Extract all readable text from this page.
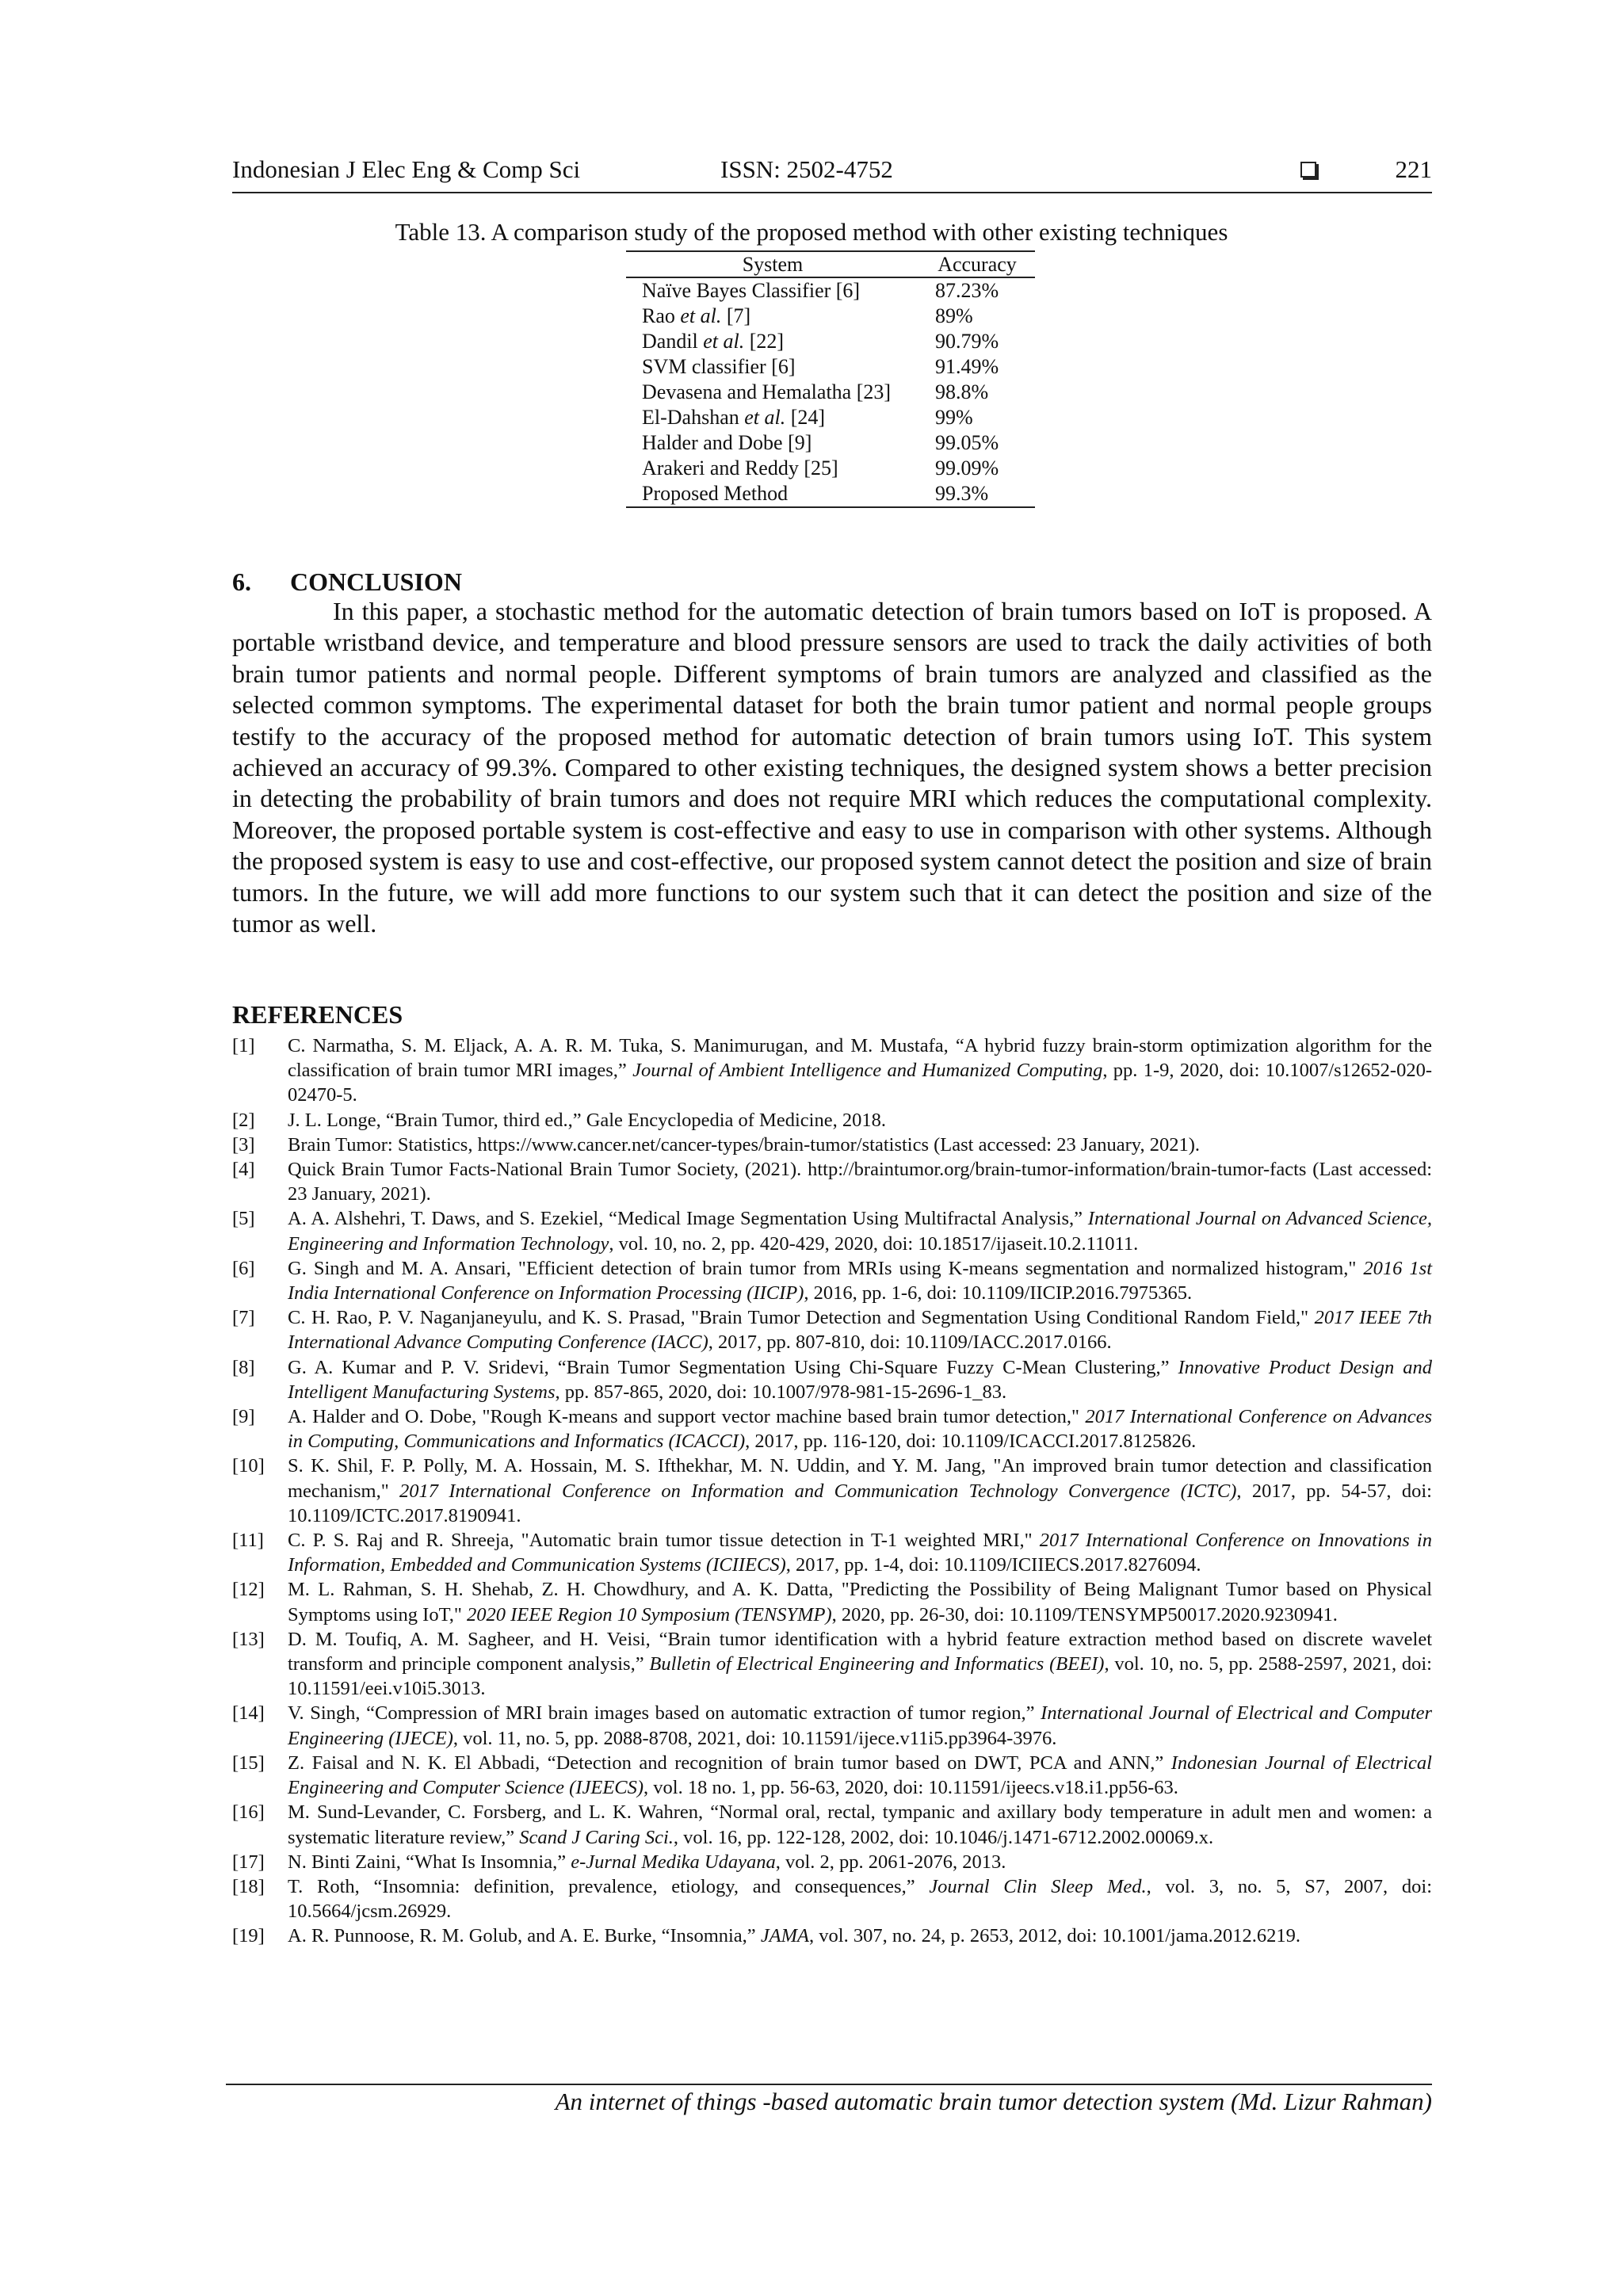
Indonesian J Elec Eng & Comp Sci	ISSN: 2502-4752	221
Table 13. A comparison study of the proposed method with other existing techniques
System	Accuracy
Naïve Bayes Classifier [6]	87.23%
Rao et al. [7]	89%
Dandil et al. [22]	90.79%
SVM classifier [6]	91.49%
Devasena and Hemalatha [23]	98.8%
El-Dahshan et al. [24]	99%
Halder and Dobe [9]	99.05%
Arakeri and Reddy [25]	99.09%
Proposed Method	99.3%
6. CONCLUSION

In this paper, a stochastic method for the automatic detection of brain tumors based on IoT is proposed. A portable wristband device, and temperature and blood pressure sensors are used to track the daily activities of both brain tumor patients and normal people. Different symptoms of brain tumors are analyzed and classified as the selected common symptoms. The experimental dataset for both the brain tumor patient and normal people groups testify to the accuracy of the proposed method for automatic detection of brain tumors using IoT. This system achieved an accuracy of 99.3%. Compared to other existing techniques, the designed system shows a better precision in detecting the probability of brain tumors and does not require MRI which reduces the computational complexity. Moreover, the proposed portable system is cost-effective and easy to use in comparison with other systems. Although the proposed system is easy to use and cost-effective, our proposed system cannot detect the position and size of brain tumors. In the future, we will add more functions to our system such that it can detect the position and size of the tumor as well.

REFERENCES
[1] C. Narmatha, S. M. Eljack, A. A. R. M. Tuka, S. Manimurugan, and M. Mustafa, “A hybrid fuzzy brain-storm optimization algorithm for the classification of brain tumor MRI images,” Journal of Ambient Intelligence and Humanized Computing, pp. 1-9, 2020, doi: 10.1007/s12652-020-02470-5.
[2] J. L. Longe, “Brain Tumor, third ed.,” Gale Encyclopedia of Medicine, 2018.
[3] Brain Tumor: Statistics, https://www.cancer.net/cancer-types/brain-tumor/statistics (Last accessed: 23 January, 2021).
[4] Quick Brain Tumor Facts-National Brain Tumor Society, (2021). http://braintumor.org/brain-tumor-information/brain-tumor-facts (Last accessed: 23 January, 2021).
[5] A. A. Alshehri, T. Daws, and S. Ezekiel, “Medical Image Segmentation Using Multifractal Analysis,” International Journal on Advanced Science, Engineering and Information Technology, vol. 10, no. 2, pp. 420-429, 2020, doi: 10.18517/ijaseit.10.2.11011.
[6] G. Singh and M. A. Ansari, "Efficient detection of brain tumor from MRIs using K-means segmentation and normalized histogram," 2016 1st India International Conference on Information Processing (IICIP), 2016, pp. 1-6, doi: 10.1109/IICIP.2016.7975365.
[7] C. H. Rao, P. V. Naganjaneyulu, and K. S. Prasad, "Brain Tumor Detection and Segmentation Using Conditional Random Field," 2017 IEEE 7th International Advance Computing Conference (IACC), 2017, pp. 807-810, doi: 10.1109/IACC.2017.0166.
[8] G. A. Kumar and P. V. Sridevi, “Brain Tumor Segmentation Using Chi-Square Fuzzy C-Mean Clustering,” Innovative Product Design and Intelligent Manufacturing Systems, pp. 857-865, 2020, doi: 10.1007/978-981-15-2696-1_83.
[9] A. Halder and O. Dobe, "Rough K-means and support vector machine based brain tumor detection," 2017 International Conference on Advances in Computing, Communications and Informatics (ICACCI), 2017, pp. 116-120, doi: 10.1109/ICACCI.2017.8125826.
[10] S. K. Shil, F. P. Polly, M. A. Hossain, M. S. Ifthekhar, M. N. Uddin, and Y. M. Jang, "An improved brain tumor detection and classification mechanism," 2017 International Conference on Information and Communication Technology Convergence (ICTC), 2017, pp. 54-57, doi: 10.1109/ICTC.2017.8190941.
[11] C. P. S. Raj and R. Shreeja, "Automatic brain tumor tissue detection in T-1 weighted MRI," 2017 International Conference on Innovations in Information, Embedded and Communication Systems (ICIIECS), 2017, pp. 1-4, doi: 10.1109/ICIIECS.2017.8276094.
[12] M. L. Rahman, S. H. Shehab, Z. H. Chowdhury, and A. K. Datta, "Predicting the Possibility of Being Malignant Tumor based on Physical Symptoms using IoT," 2020 IEEE Region 10 Symposium (TENSYMP), 2020, pp. 26-30, doi: 10.1109/TENSYMP50017.2020.9230941.
[13] D. M. Toufiq, A. M. Sagheer, and H. Veisi, “Brain tumor identification with a hybrid feature extraction method based on discrete wavelet transform and principle component analysis,” Bulletin of Electrical Engineering and Informatics (BEEI), vol. 10, no. 5, pp. 2588-2597, 2021, doi: 10.11591/eei.v10i5.3013.
[14] V. Singh, “Compression of MRI brain images based on automatic extraction of tumor region,” International Journal of Electrical and Computer Engineering (IJECE), vol. 11, no. 5, pp. 2088-8708, 2021, doi: 10.11591/ijece.v11i5.pp3964-3976.
[15] Z. Faisal and N. K. El Abbadi, “Detection and recognition of brain tumor based on DWT, PCA and ANN,” Indonesian Journal of Electrical Engineering and Computer Science (IJEECS), vol. 18 no. 1, pp. 56-63, 2020, doi: 10.11591/ijeecs.v18.i1.pp56-63.
[16] M. Sund-Levander, C. Forsberg, and L. K. Wahren, “Normal oral, rectal, tympanic and axillary body temperature in adult men and women: a systematic literature review,” Scand J Caring Sci., vol. 16, pp. 122-128, 2002, doi: 10.1046/j.1471-6712.2002.00069.x.
[17] N. Binti Zaini, “What Is Insomnia,” e-Jurnal Medika Udayana, vol. 2, pp. 2061-2076, 2013.
[18] T. Roth, “Insomnia: definition, prevalence, etiology, and consequences,” Journal Clin Sleep Med., vol. 3, no. 5, S7, 2007, doi: 10.5664/jcsm.26929.
[19] A. R. Punnoose, R. M. Golub, and A. E. Burke, “Insomnia,” JAMA, vol. 307, no. 24, p. 2653, 2012, doi: 10.1001/jama.2012.6219.
An internet of things -based automatic brain tumor detection system (Md. Lizur Rahman)
